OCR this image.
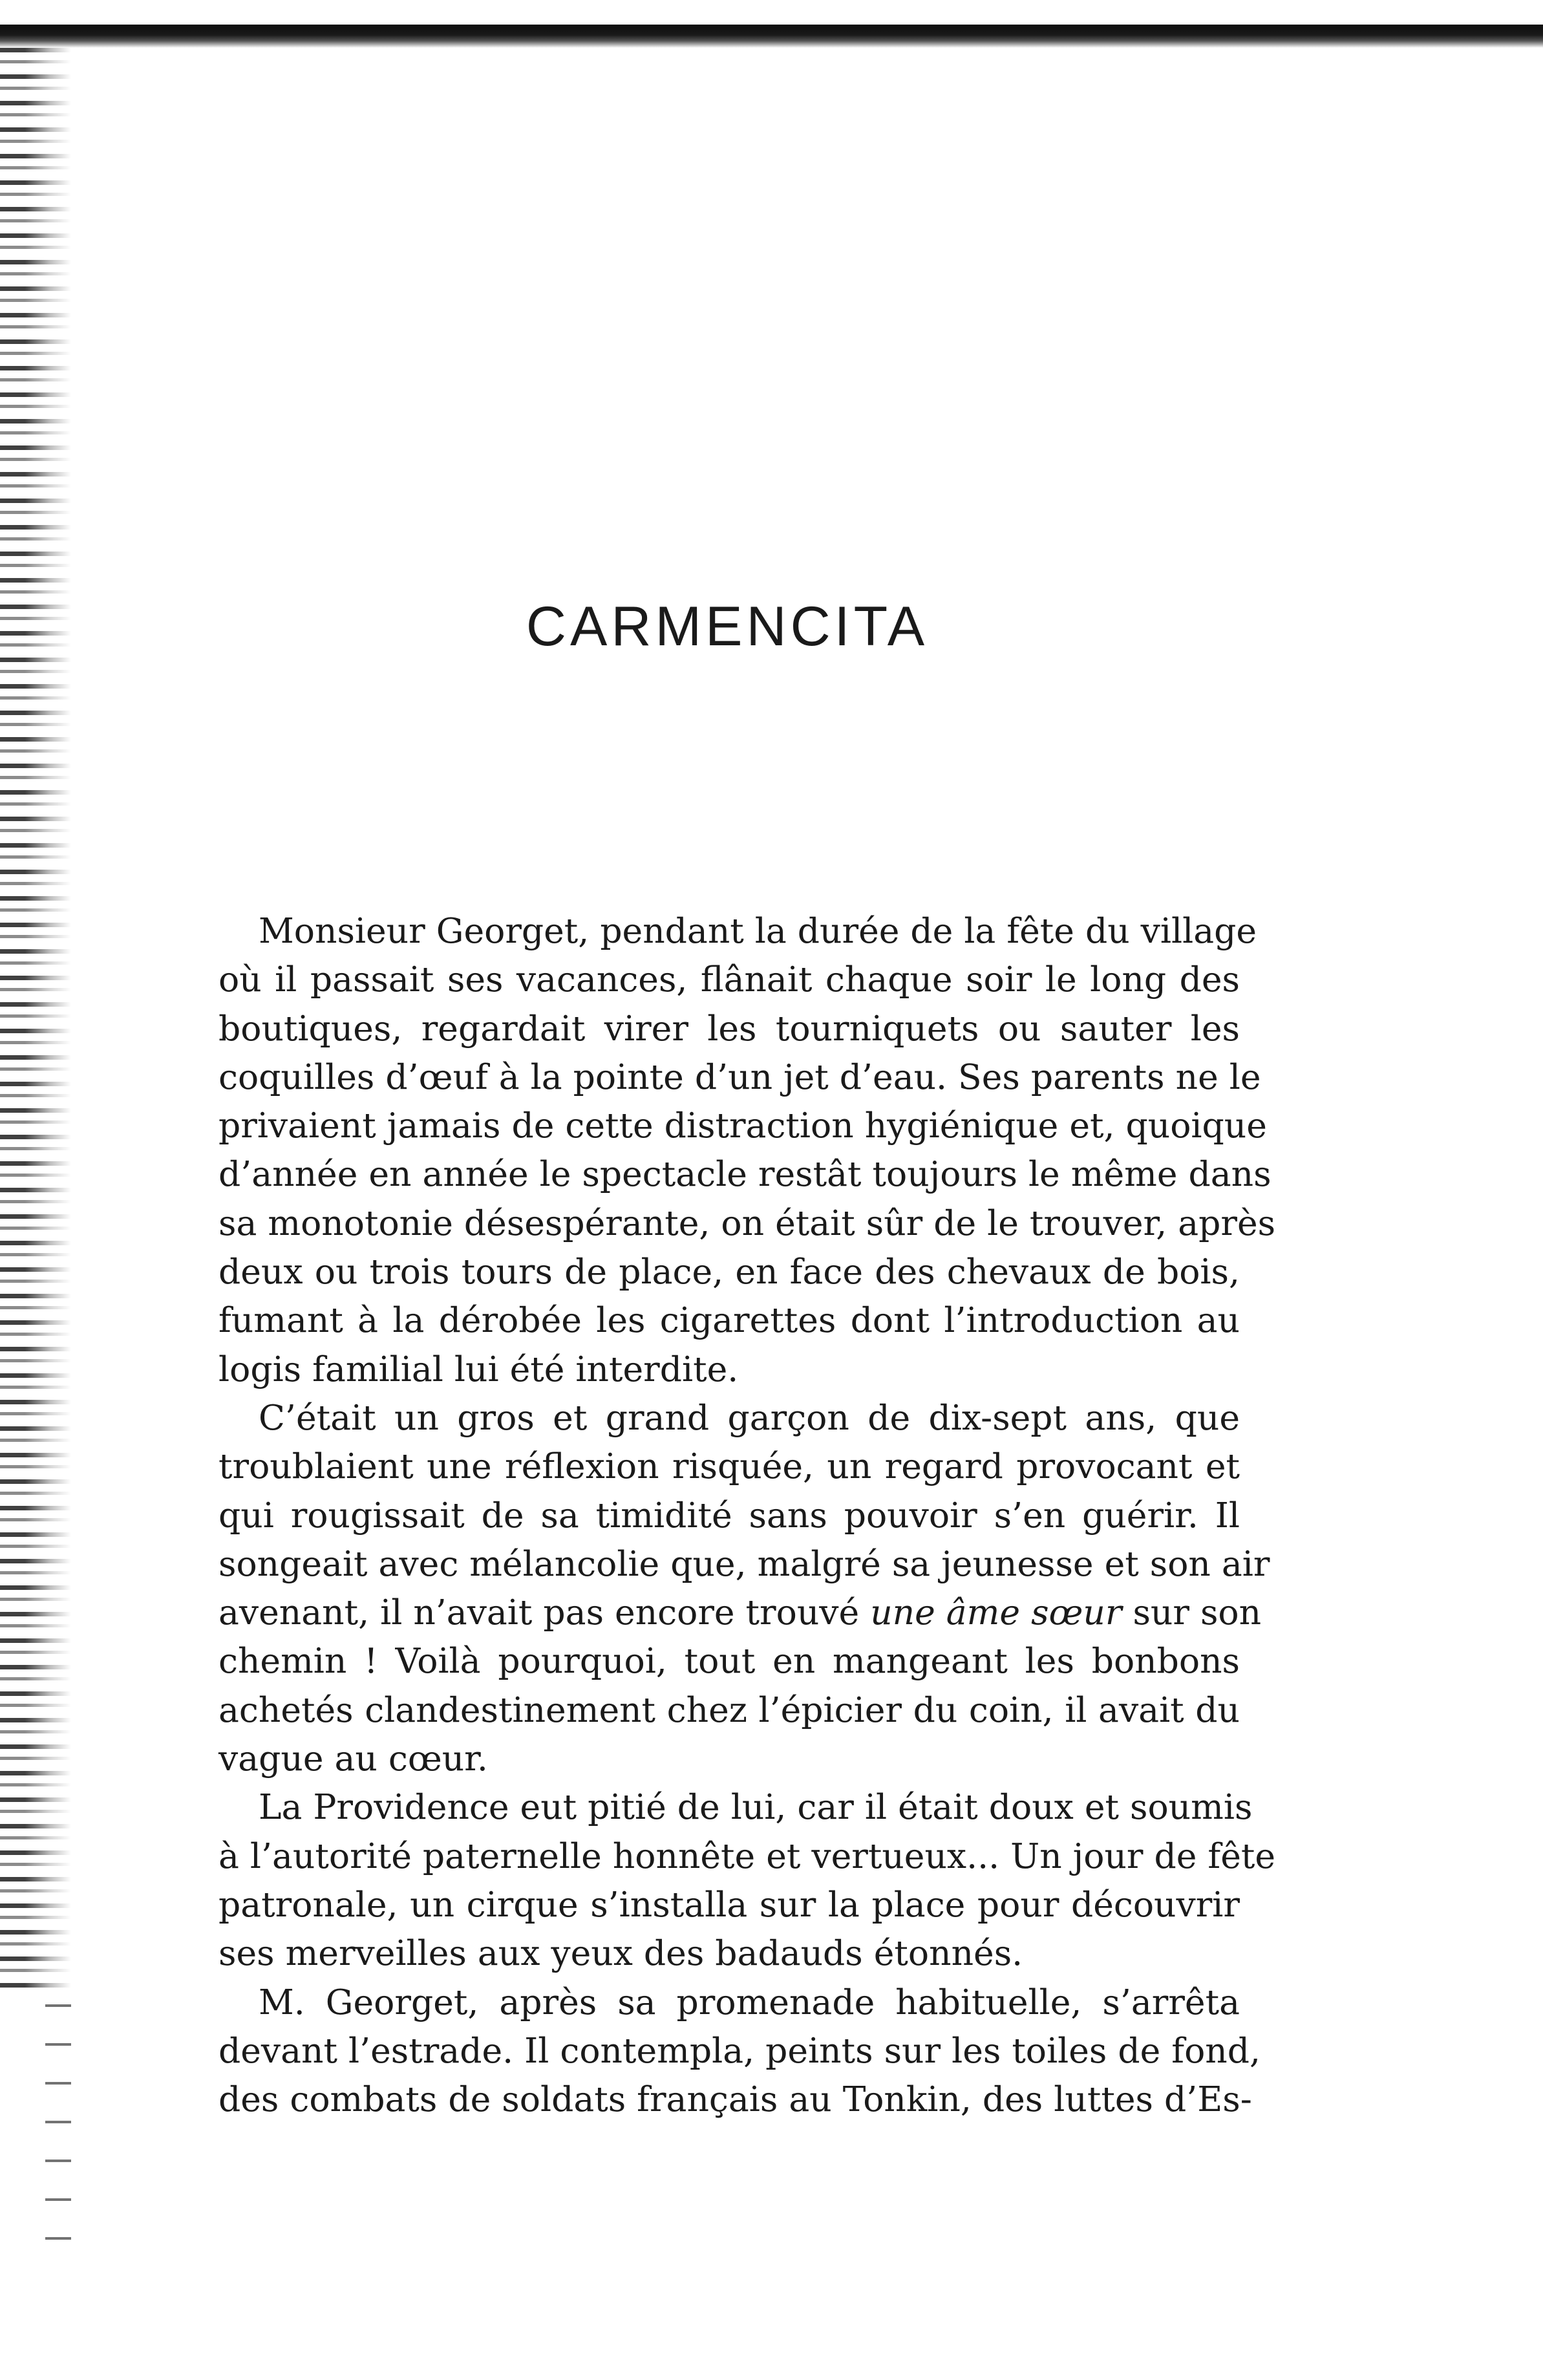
CARMENCITA
Monsieur Georget, pendant la durée de la fête du village
où il passait ses vacances, flânait chaque soir le long des
boutiques, regardait virer les tourniquets ou sauter les
coquilles d’œuf à la pointe d’un jet d’eau. Ses parents ne le
privaient jamais de cette distraction hygiénique et, quoique
d’année en année le spectacle restât toujours le même dans
sa monotonie désespérante, on était sûr de le trouver, après
deux ou trois tours de place, en face des chevaux de bois,
fumant à la dérobée les cigarettes dont l’introduction au
logis familial lui été interdite.
C’était un gros et grand garçon de dix-sept ans, que
troublaient une réflexion risquée, un regard provocant et
qui rougissait de sa timidité sans pouvoir s’en guérir. Il
songeait avec mélancolie que, malgré sa jeunesse et son air
avenant, il n’avait pas encore trouvé une âme sœur sur son
chemin ! Voilà pourquoi, tout en mangeant les bonbons
achetés clandestinement chez l’épicier du coin, il avait du
vague au cœur.
La Providence eut pitié de lui, car il était doux et soumis
à l’autorité paternelle honnête et vertueux... Un jour de fête
patronale, un cirque s’installa sur la place pour découvrir
ses merveilles aux yeux des badauds étonnés.
M. Georget, après sa promenade habituelle, s’arrêta
devant l’estrade. Il contempla, peints sur les toiles de fond,
des combats de soldats français au Tonkin, des luttes d’Es-
